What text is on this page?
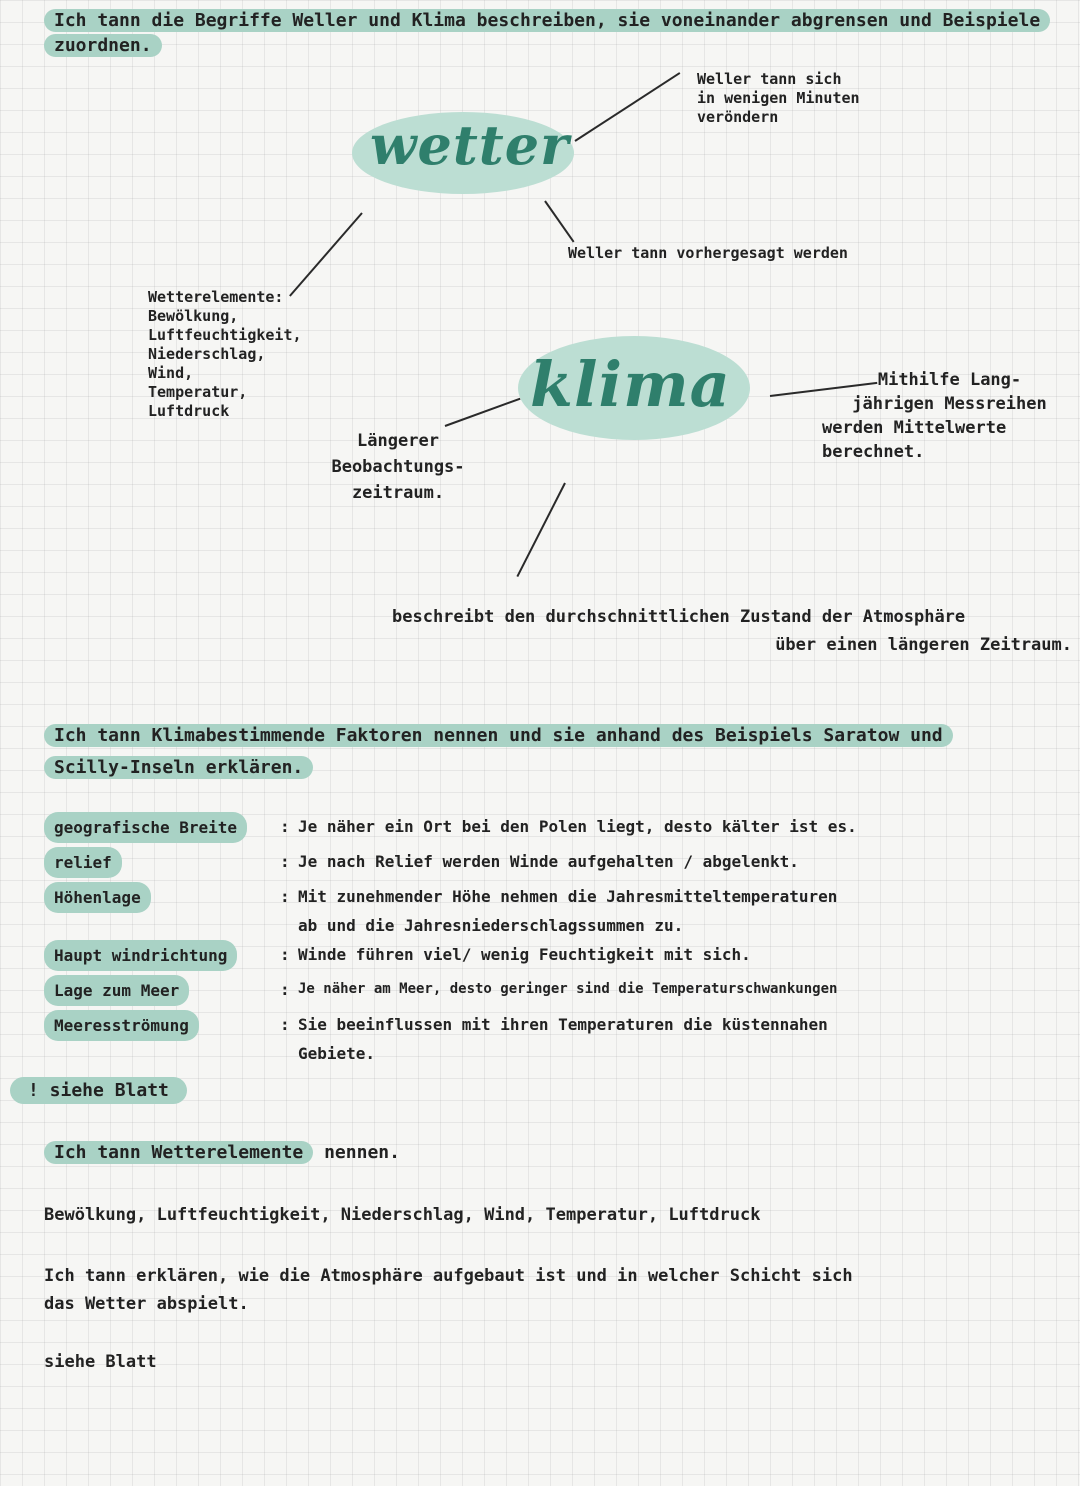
Ich tann die Begriffe Weller und Klima beschreiben, sie voneinander abgrensen und Beispiele zuordnen.
wetter
klima
Weller tann sich
in wenigen Minuten
veröndern
Weller tann vorhergesagt werden
Wetterelemente:
Bewölkung,
Luftfeuchtigkeit,
Niederschlag,
Wind,
Temperatur,
Luftdruck
Mithilfe Lang-
jährigen Messreihen
werden Mittelwerte
berechnet.
Längerer
Beobachtungs-
zeitraum.
beschreibt den durchschnittlichen Zustand der Atmosphäre
über einen längeren Zeitraum.
Ich tann Klimabestimmende Faktoren nennen und sie anhand des Beispiels Saratow und Scilly-Inseln erklären.
geografische Breite	: Je näher ein Ort bei den Polen liegt, desto kälter ist es.
relief	: Je nach Relief werden Winde aufgehalten / abgelenkt.
Höhenlage	: Mit zunehmender Höhe nehmen die Jahresmitteltemperaturen
ab und die Jahresniederschlagssummen zu.
Haupt windrichtung	: Winde führen viel/ wenig Feuchtigkeit mit sich.
Lage zum Meer	: Je näher am Meer, desto geringer sind die Temperaturschwankungen
Meeresströmung	: Sie beeinflussen mit ihren Temperaturen die küstennahen
Gebiete.
! siehe Blatt
Ich tann Wetterelemente nennen.
Bewölkung, Luftfeuchtigkeit, Niederschlag, Wind, Temperatur, Luftdruck
Ich tann erklären, wie die Atmosphäre aufgebaut ist und in welcher Schicht sich
das Wetter abspielt.
siehe Blatt
